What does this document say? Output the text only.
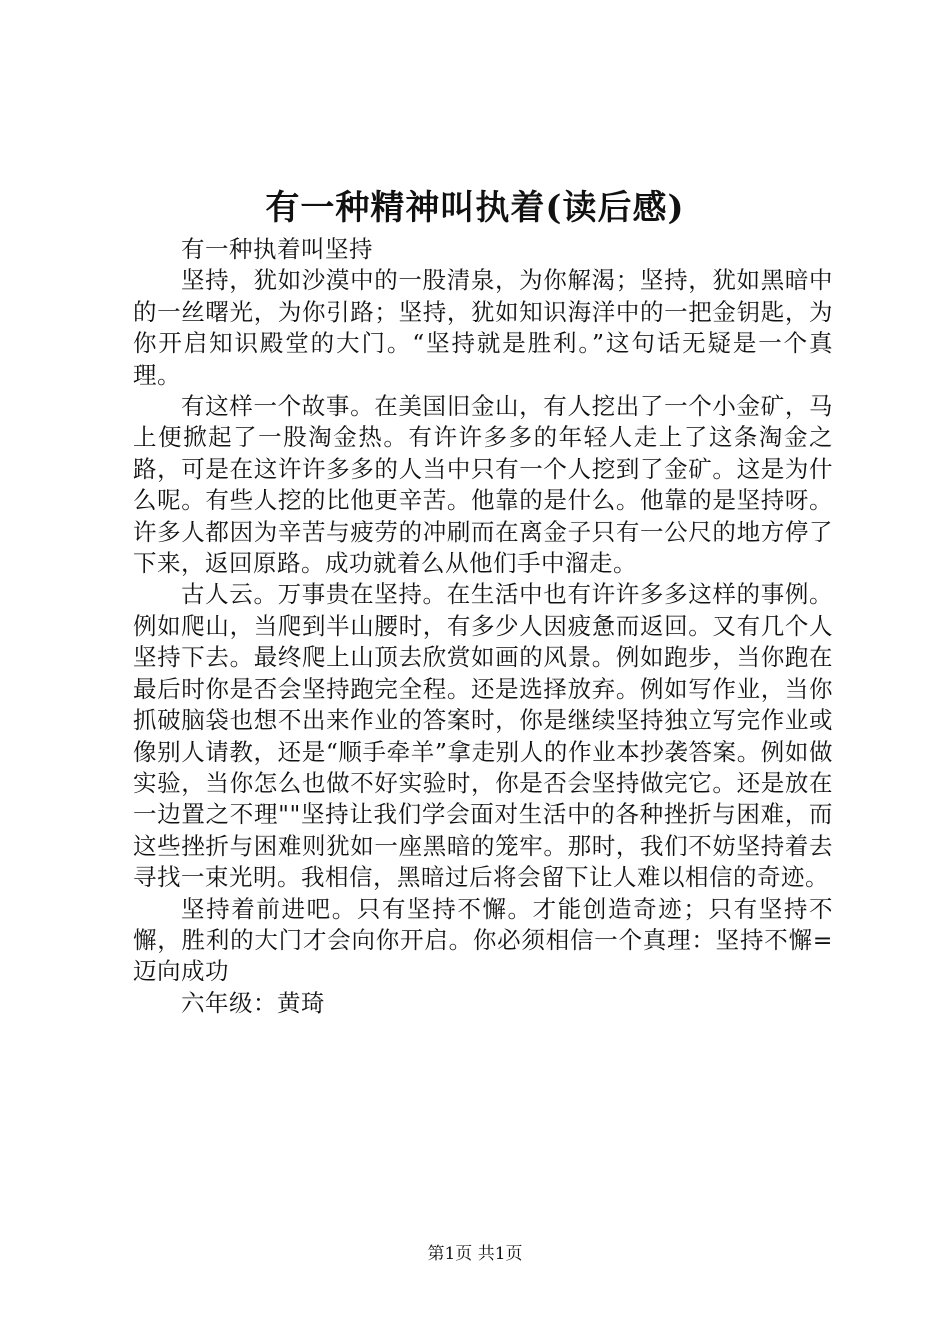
有一种精神叫执着(读后感)

有一种执着叫坚持

坚持，犹如沙漠中的一股清泉，为你解渴；坚持，犹如黑暗中的一丝曙光，为你引路；坚持，犹如知识海洋中的一把金钥匙，为你开启知识殿堂的大门。“坚持就是胜利。”这句话无疑是一个真理。

有这样一个故事。在美国旧金山，有人挖出了一个小金矿，马上便掀起了一股淘金热。有许许多多的年轻人走上了这条淘金之路，可是在这许许多多的人当中只有一个人挖到了金矿。这是为什么呢。有些人挖的比他更辛苦。他靠的是什么。他靠的是坚持呀。许多人都因为辛苦与疲劳的冲刷而在离金子只有一公尺的地方停了下来，返回原路。成功就着么从他们手中溜走。

古人云。万事贵在坚持。在生活中也有许许多多这样的事例。例如爬山，当爬到半山腰时，有多少人因疲惫而返回。又有几个人坚持下去。最终爬上山顶去欣赏如画的风景。例如跑步，当你跑在最后时你是否会坚持跑完全程。还是选择放弃。例如写作业，当你抓破脑袋也想不出来作业的答案时，你是继续坚持独立写完作业或像别人请教，还是“顺手牵羊”拿走别人的作业本抄袭答案。例如做实验，当你怎么也做不好实验时，你是否会坚持做完它。还是放在一边置之不理""坚持让我们学会面对生活中的各种挫折与困难，而这些挫折与困难则犹如一座黑暗的笼牢。那时，我们不妨坚持着去寻找一束光明。我相信，黑暗过后将会留下让人难以相信的奇迹。

坚持着前进吧。只有坚持不懈。才能创造奇迹；只有坚持不懈，胜利的大门才会向你开启。你必须相信一个真理：坚持不懈=迈向成功

六年级：黄琦

第1页 共1页
